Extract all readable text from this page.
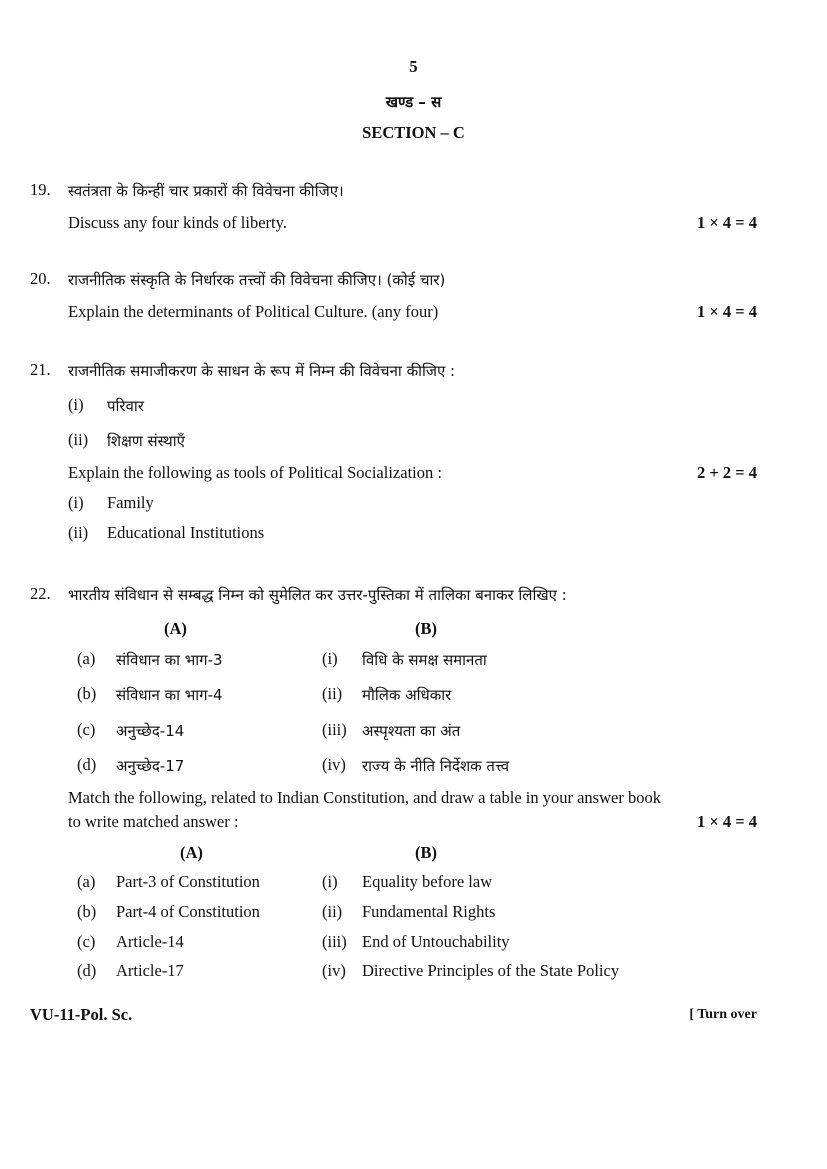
5
खण्ड – स
SECTION – C
19. स्वतंत्रता के किन्हीं चार प्रकारों की विवेचना कीजिए।
Discuss any four kinds of liberty.	1 × 4 = 4
20. राजनीतिक संस्कृति के निर्धारक तत्त्वों की विवेचना कीजिए। (कोई चार)
Explain the determinants of Political Culture. (any four)	1 × 4 = 4
21. राजनीतिक समाजीकरण के साधन के रूप में निम्न की विवेचना कीजिए :
(i) परिवार
(ii) शिक्षण संस्थाएँ
Explain the following as tools of Political Socialization :	2 + 2 = 4
(i) Family
(ii) Educational Institutions
22. भारतीय संविधान से सम्बद्ध निम्न को सुमेलित कर उत्तर-पुस्तिका में तालिका बनाकर लिखिए :
(A)	(B)
(a) संविधान का भाग-3	(i) विधि के समक्ष समानता
(b) संविधान का भाग-4	(ii) मौलिक अधिकार
(c) अनुच्छेद-14	(iii) अस्पृश्यता का अंत
(d) अनुच्छेद-17	(iv) राज्य के नीति निर्देशक तत्त्व
Match the following, related to Indian Constitution, and draw a table in your answer book
to write matched answer :	1 × 4 = 4
(A)	(B)
(a) Part-3 of Constitution	(i) Equality before law
(b) Part-4 of Constitution	(ii) Fundamental Rights
(c) Article-14	(iii) End of Untouchability
(d) Article-17	(iv) Directive Principles of the State Policy
VU-11-Pol. Sc.	[ Turn over
